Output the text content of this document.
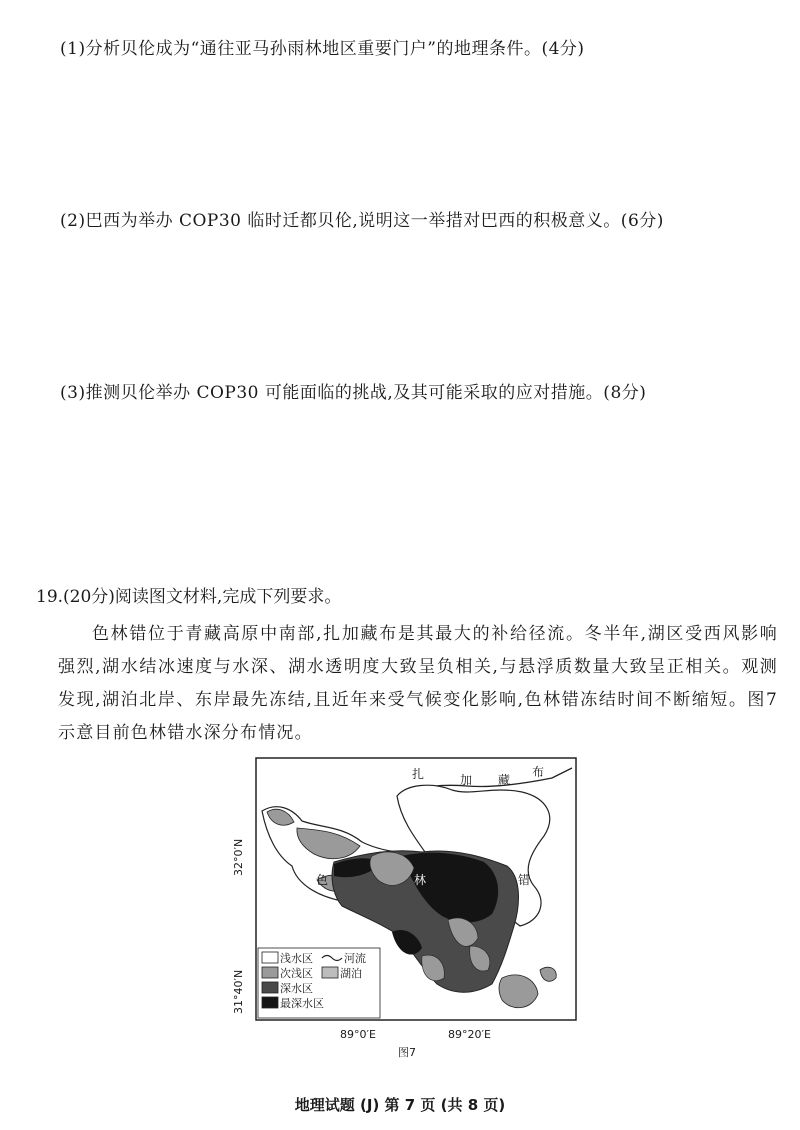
(1)分析贝伦成为“通往亚马孙雨林地区重要门户”的地理条件。(4分)
(2)巴西为举办 COP30 临时迁都贝伦,说明这一举措对巴西的积极意义。(6分)
(3)推测贝伦举办 COP30 可能面临的挑战,及其可能采取的应对措施。(8分)
19.(20分)阅读图文材料,完成下列要求。
色林错位于青藏高原中南部,扎加藏布是其最大的补给径流。冬半年,湖区受西风影响强烈,湖水结冰速度与水深、湖水透明度大致呈负相关,与悬浮质数量大致呈正相关。观测发现,湖泊北岸、东岸最先冻结,且近年来受气候变化影响,色林错冻结时间不断缩短。图7示意目前色林错水深分布情况。
色	林	错
扎	加 藏
布
32°0′N
31°40′N
89°0′E	89°20′E
浅水区	河流
次浅区 湖泊
深水区
最深水区
图7
地理试题 (J) 第 7 页 (共 8 页)
